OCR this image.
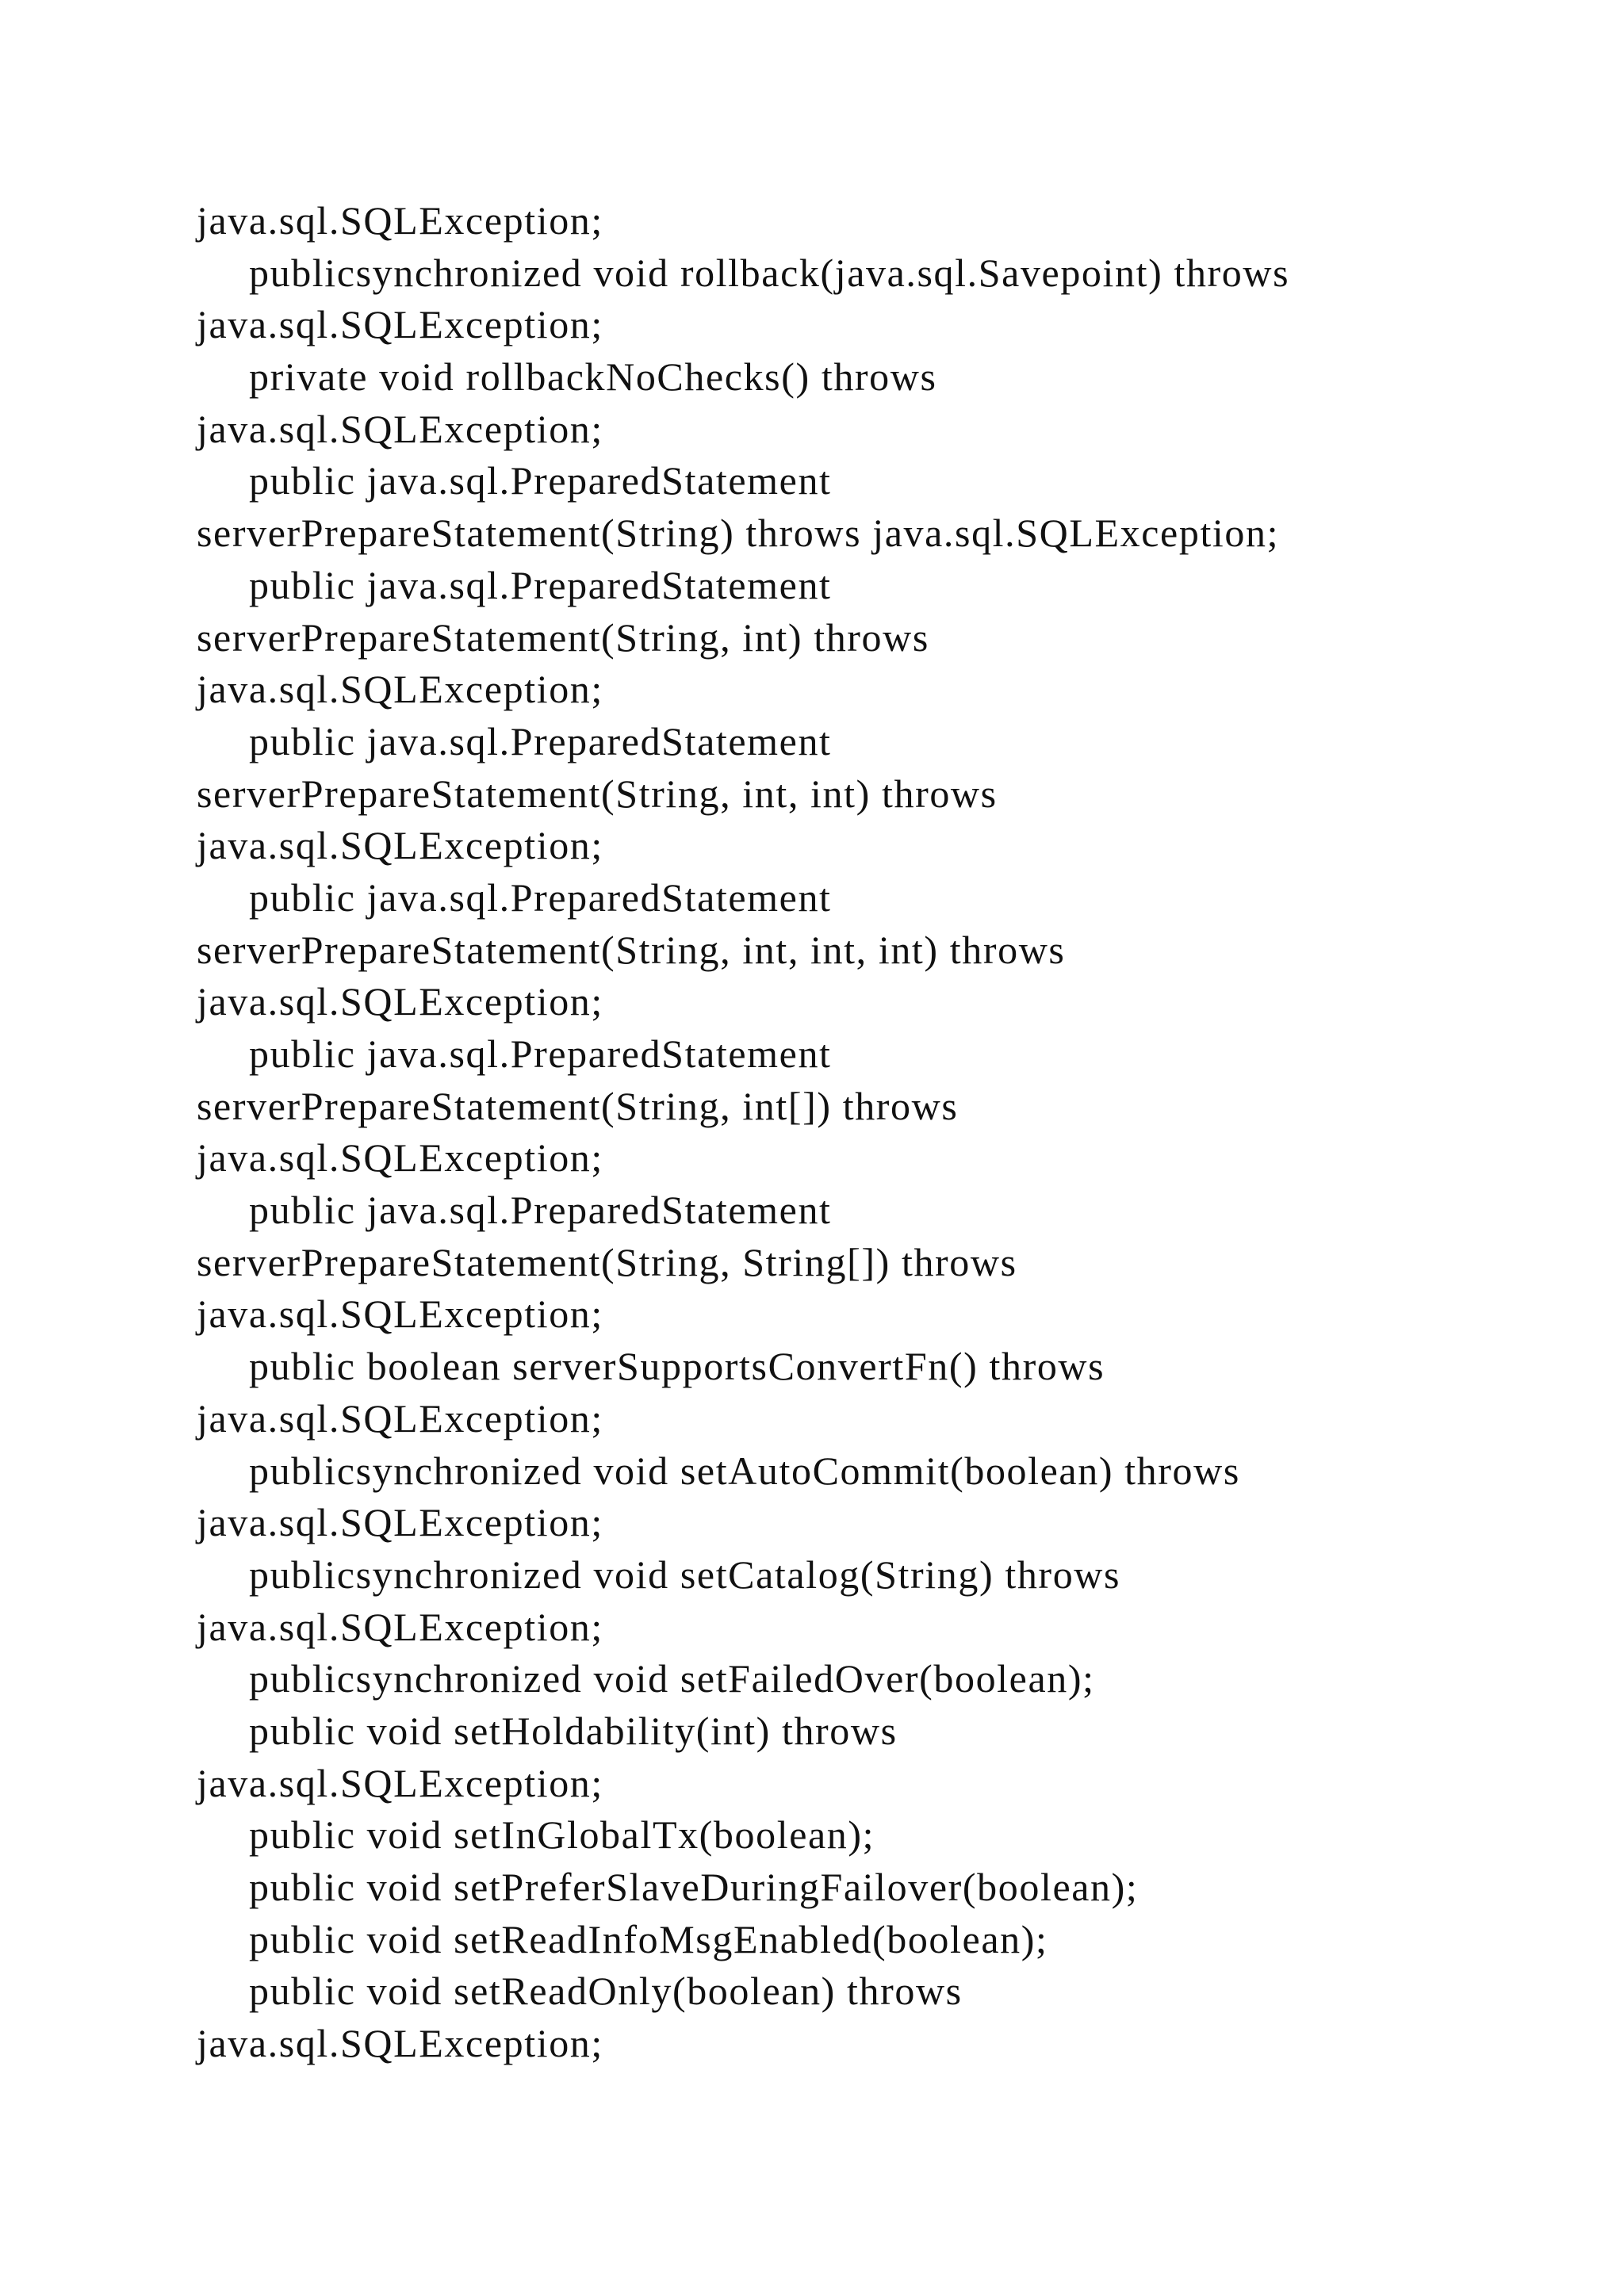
java.sql.SQLException;
publicsynchronized void rollback(java.sql.Savepoint) throws
java.sql.SQLException;
private void rollbackNoChecks() throws
java.sql.SQLException;
public java.sql.PreparedStatement
serverPrepareStatement(String) throws java.sql.SQLException;
public java.sql.PreparedStatement
serverPrepareStatement(String, int) throws
java.sql.SQLException;
public java.sql.PreparedStatement
serverPrepareStatement(String, int, int) throws
java.sql.SQLException;
public java.sql.PreparedStatement
serverPrepareStatement(String, int, int, int) throws
java.sql.SQLException;
public java.sql.PreparedStatement
serverPrepareStatement(String, int[]) throws
java.sql.SQLException;
public java.sql.PreparedStatement
serverPrepareStatement(String, String[]) throws
java.sql.SQLException;
public boolean serverSupportsConvertFn() throws
java.sql.SQLException;
publicsynchronized void setAutoCommit(boolean) throws
java.sql.SQLException;
publicsynchronized void setCatalog(String) throws
java.sql.SQLException;
publicsynchronized void setFailedOver(boolean);
public void setHoldability(int) throws
java.sql.SQLException;
public void setInGlobalTx(boolean);
public void setPreferSlaveDuringFailover(boolean);
public void setReadInfoMsgEnabled(boolean);
public void setReadOnly(boolean) throws
java.sql.SQLException;
